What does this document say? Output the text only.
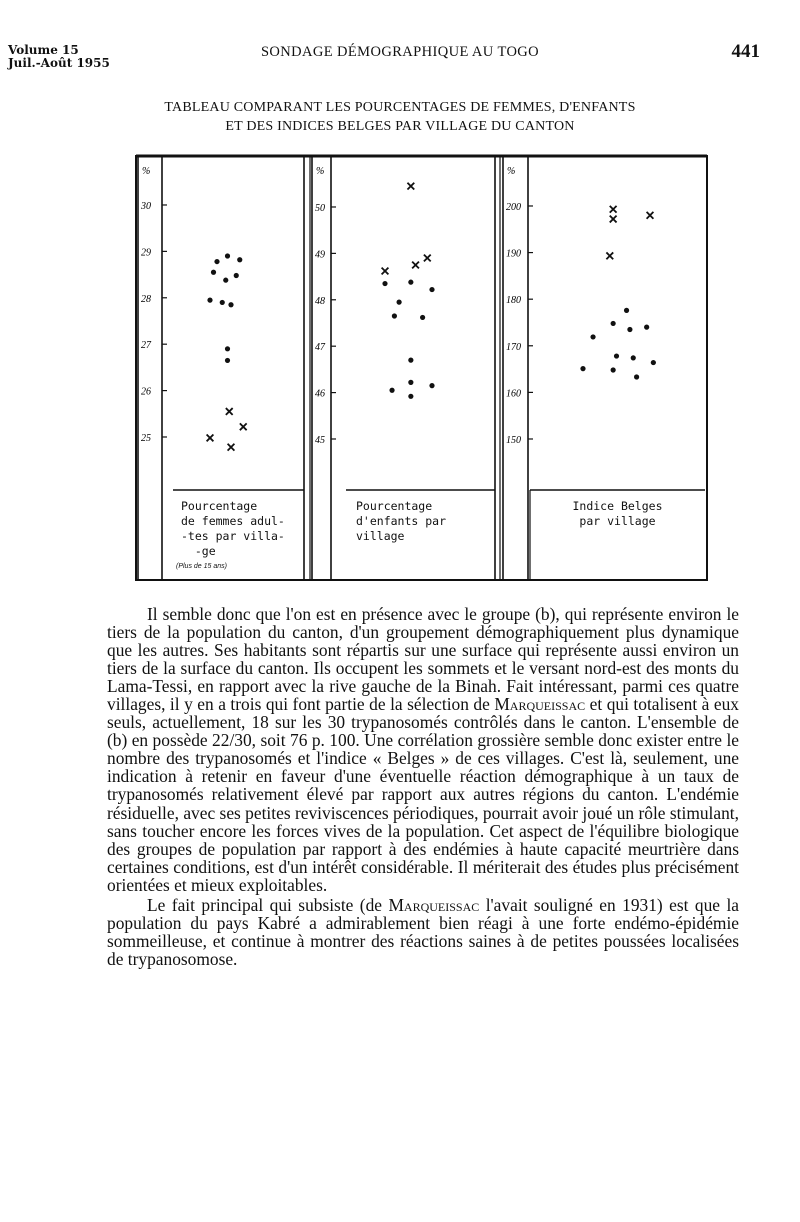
Volume 15
Juil.-Août 1955
SONDAGE DÉMOGRAPHIQUE AU TOGO	441
TABLEAU COMPARANT LES POURCENTAGES DE FEMMES, D'ENFANTS
ET DES INDICES BELGES PAR VILLAGE DU CANTON
%
30
29
28
27
26
25
%
50
49
48
47
46
45
%
200
190
180
170
160
150
Pourcentage
de femmes adul-
-tes par villa-
-ge
Pourcentage
d'enfants par
village
Indice Belges
par village
(Plus de 15 ans)

Il semble donc que l'on est en présence avec le groupe (b), qui représente environ le tiers de la population du canton, d'un groupement démographiquement plus dynamique que les autres. Ses habitants sont répartis sur une surface qui représente aussi environ un tiers de la surface du canton. Ils occupent les sommets et le versant nord-est des monts du Lama-Tessi, en rapport avec la rive gauche de la Binah. Fait intéressant, parmi ces quatre villages, il y en a trois qui font partie de la sélection de Marqueissac et qui totalisent à eux seuls, actuellement, 18 sur les 30 trypanosomés contrôlés dans le canton. L'ensemble de (b) en possède 22/30, soit 76 p. 100. Une corrélation grossière semble donc exister entre le nombre des trypanosomés et l'indice « Belges » de ces villages. C'est là, seulement, une indication à retenir en faveur d'une éventuelle réaction démographique à un taux de trypanosomés relativement élevé par rapport aux autres régions du canton. L'endémie résiduelle, avec ses petites reviviscences périodiques, pourrait avoir joué un rôle stimulant, sans toucher encore les forces vives de la population. Cet aspect de l'équilibre biologique des groupes de population par rapport à des endémies à haute capacité meurtrière dans certaines conditions, est d'un intérêt considérable. Il mériterait des études plus précisément orientées et mieux exploitables.

Le fait principal qui subsiste (de Marqueissac l'avait souligné en 1931) est que la population du pays Kabré a admirablement bien réagi à une forte endémo-épidémie sommeilleuse, et continue à montrer des réactions saines à de petites poussées localisées de trypanosomose.
